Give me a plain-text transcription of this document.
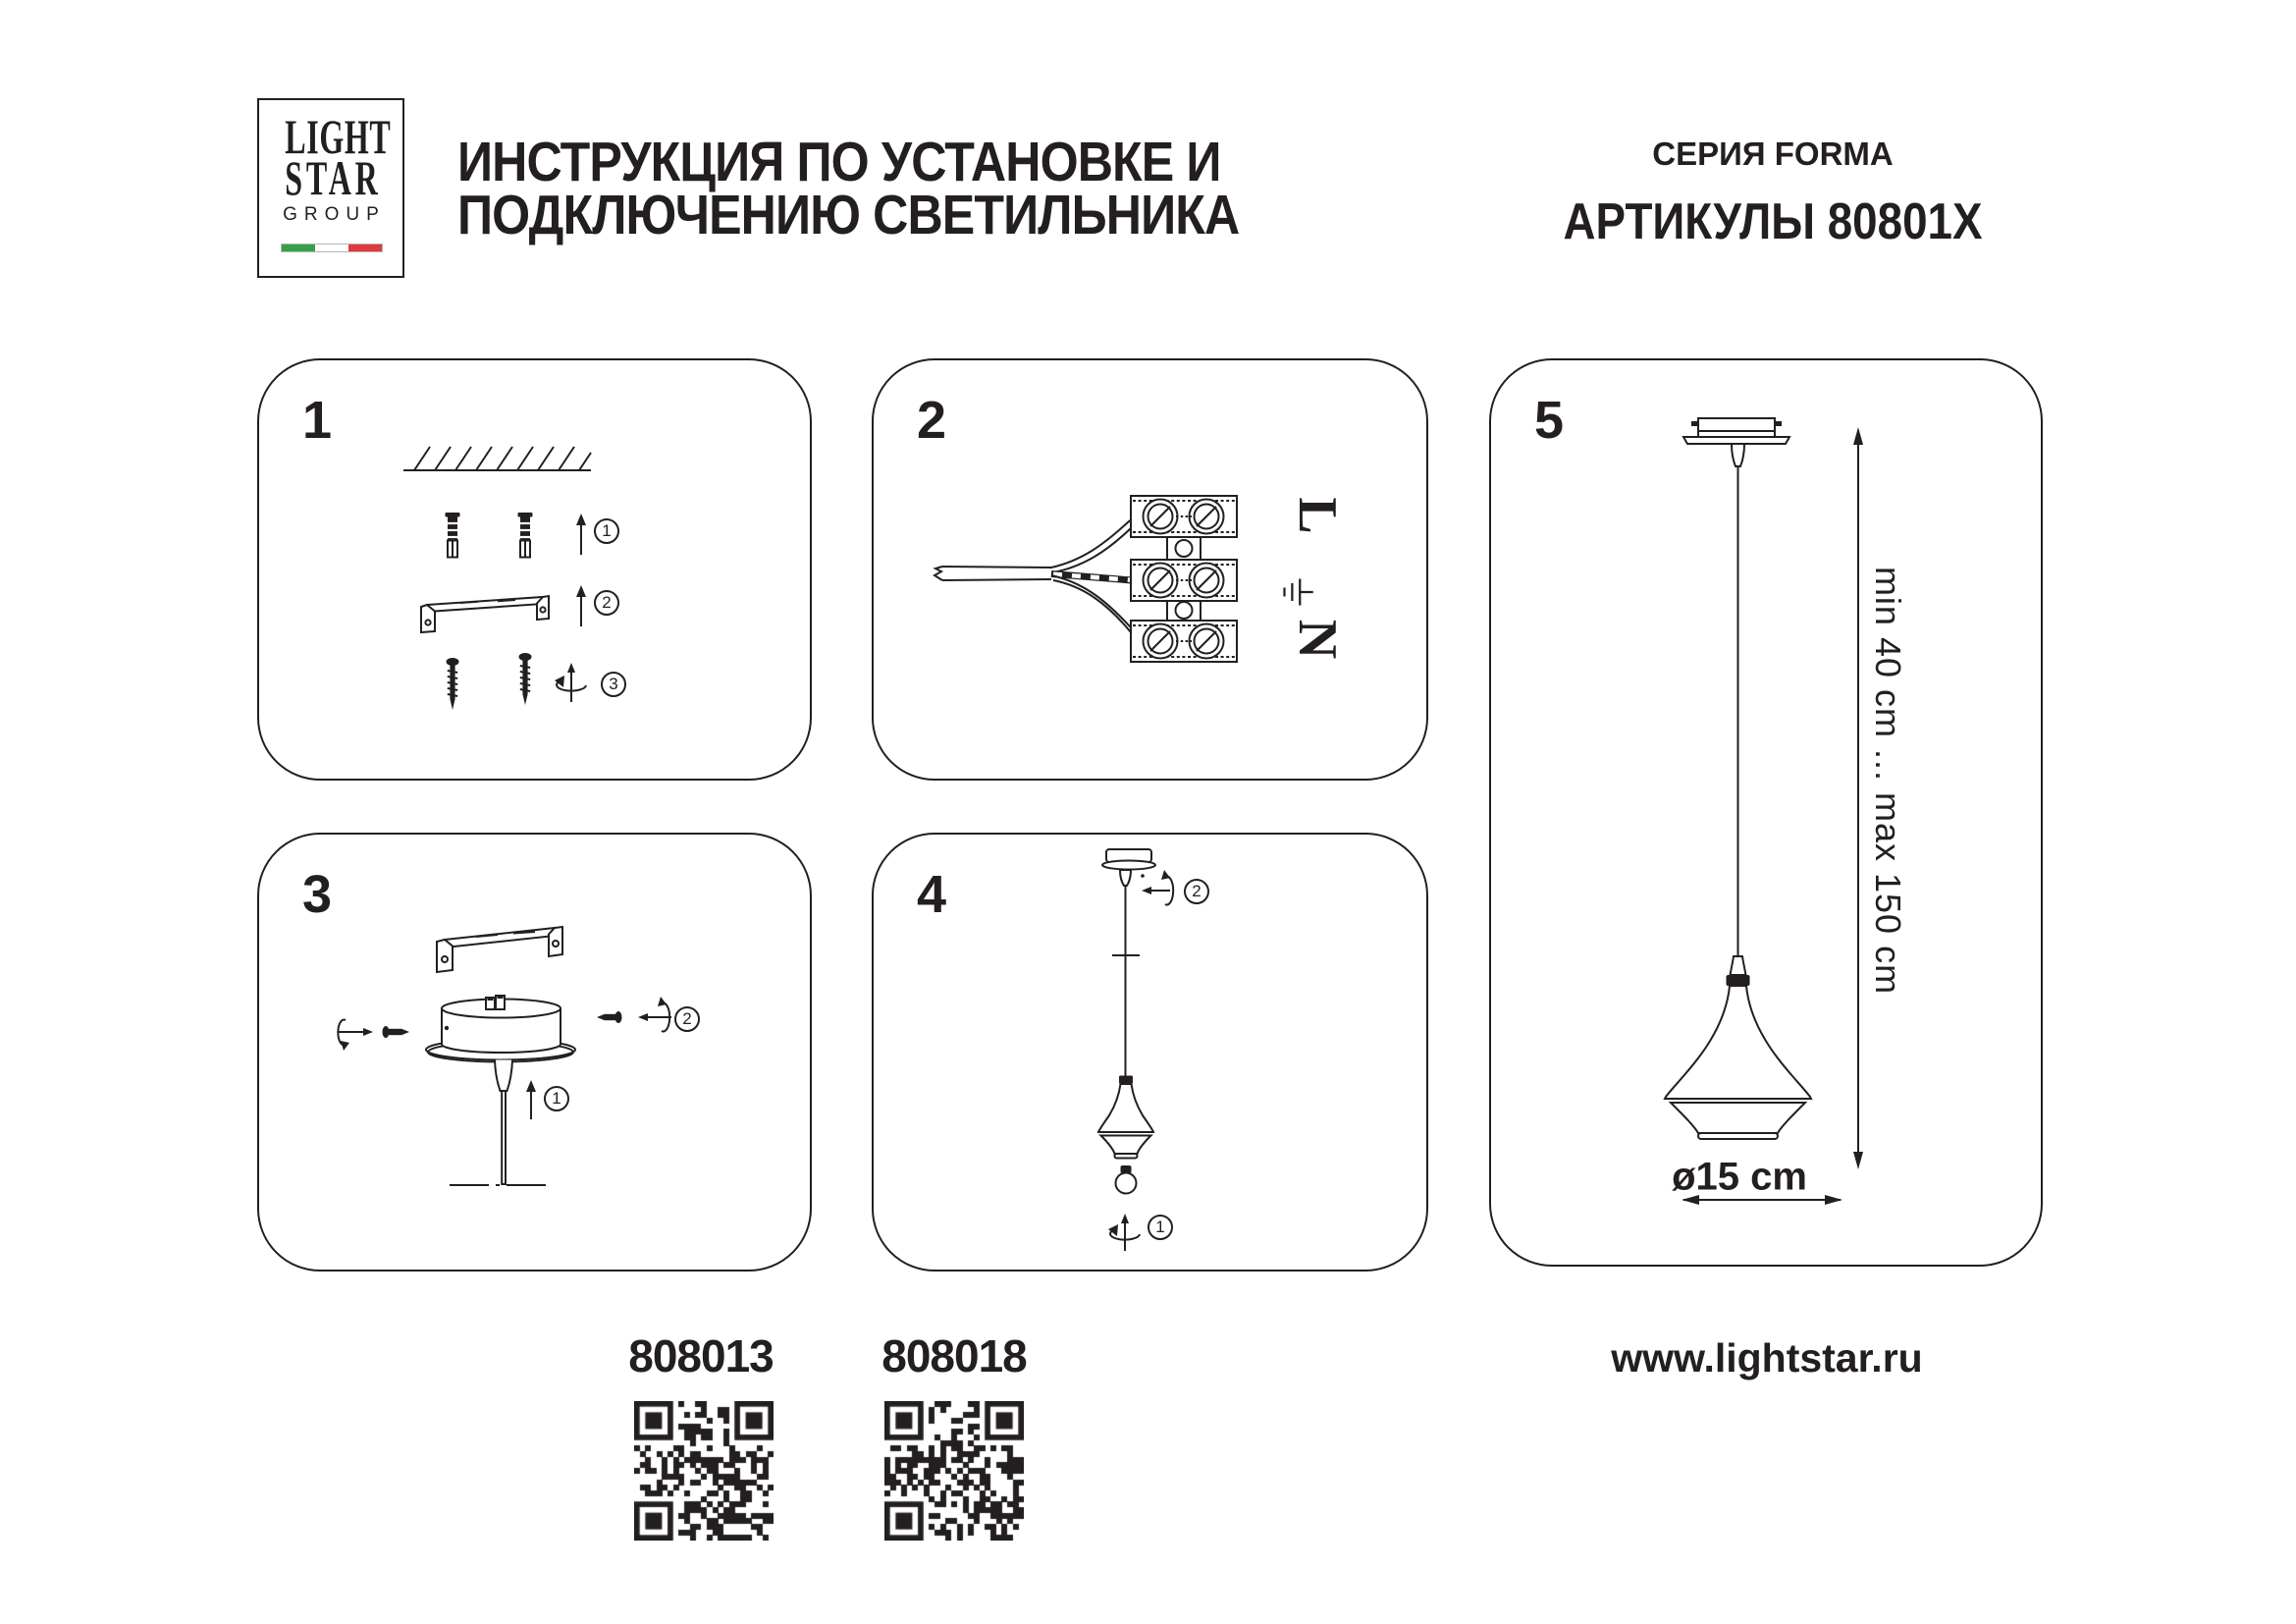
LIGHT
STAR
GROUP
ИНСТРУКЦИЯ ПО УСТАНОВКЕ И
ПОДКЛЮЧЕНИЮ СВЕТИЛЬНИКА
СЕРИЯ FORMA
АРТИКУЛЫ 80801X
1
1
2
3
2
L
N
3
2
1
4	2
1
5
min 40 cm ... max 150 cm
ø15 cm
808013 808018	www.lightstar.ru
